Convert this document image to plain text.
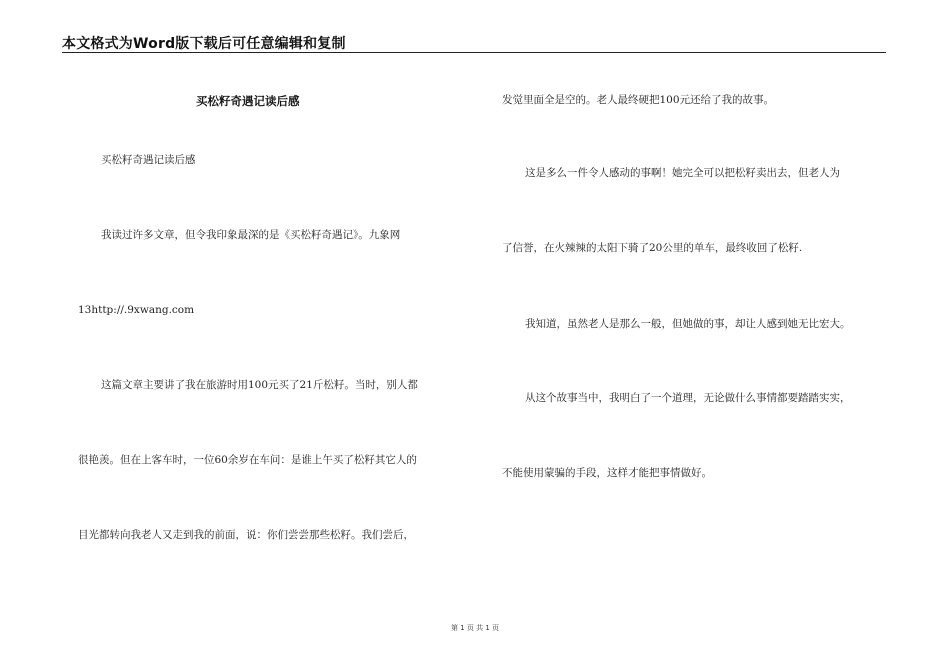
本文格式为Word版下载后可任意编辑和复制
买松籽奇遇记读后感
买松籽奇遇记读后感
我读过许多文章，但令我印象最深的是《买松籽奇遇记》。九象网
13http://.9xwang.com
这篇文章主要讲了我在旅游时用100元买了21斤松籽。当时，别人都
很艳羡。但在上客车时，一位60余岁在车问：是谁上午买了松籽其它人的
目光都转向我老人又走到我的前面，说：你们尝尝那些松籽。我们尝后，
发觉里面全是空的。老人最终硬把100元还给了我的故事。
这是多么一件令人感动的事啊！她完全可以把松籽卖出去，但老人为
了信誉，在火辣辣的太阳下骑了20公里的单车，最终收回了松籽.
我知道，虽然老人是那么一般，但她做的事，却让人感到她无比宏大。
从这个故事当中，我明白了一个道理，无论做什么事情都要踏踏实实，
不能使用蒙骗的手段，这样才能把事情做好。
第 1 页 共 1 页
